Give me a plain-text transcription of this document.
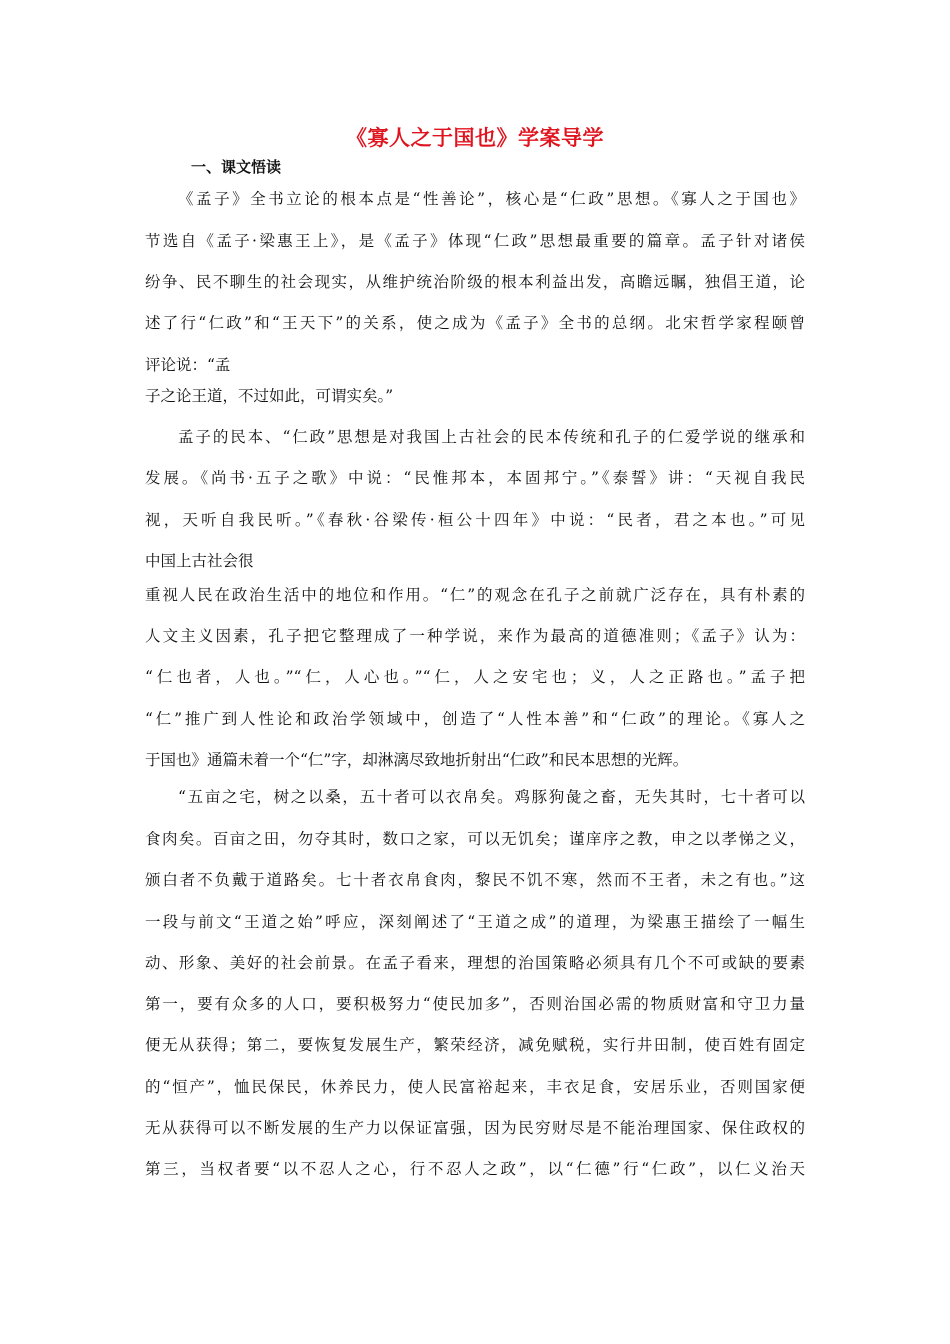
《寡人之于国也》学案导学
一、课文悟读
《孟子》全书立论的根本点是“性善论”，核心是“仁政”思想。《寡人之于国也》
节选自《孟子·梁惠王上》，是《孟子》体现“仁政”思想最重要的篇章。孟子针对诸侯
纷争、民不聊生的社会现实，从维护统治阶级的根本利益出发，高瞻远瞩，独倡王道，论
述了行“仁政”和“王天下”的关系，使之成为《孟子》全书的总纲。北宋哲学家程颐曾
评论说：“孟
子之论王道，不过如此，可谓实矣。”
孟子的民本、“仁政”思想是对我国上古社会的民本传统和孔子的仁爱学说的继承和
发展。《尚书·五子之歌》中说：“民惟邦本，本固邦宁。”《泰誓》讲：“天视自我民
视，天听自我民听。”《春秋·谷梁传·桓公十四年》中说：“民者，君之本也。”可见
中国上古社会很
重视人民在政治生活中的地位和作用。“仁”的观念在孔子之前就广泛存在，具有朴素的
人文主义因素，孔子把它整理成了一种学说，来作为最高的道德准则；《孟子》认为：
“仁也者，人也。”“仁，人心也。”“仁，人之安宅也；义，人之正路也。”孟子把
“仁”推广到人性论和政治学领域中，创造了“人性本善”和“仁政”的理论。《寡人之
于国也》通篇未着一个“仁”字，却淋漓尽致地折射出“仁政”和民本思想的光辉。
“五亩之宅，树之以桑，五十者可以衣帛矣。鸡豚狗彘之畜，无失其时，七十者可以
食肉矣。百亩之田，勿夺其时，数口之家，可以无饥矣；谨庠序之教，申之以孝悌之义，
颁白者不负戴于道路矣。七十者衣帛食肉，黎民不饥不寒，然而不王者，未之有也。”这
一段与前文“王道之始”呼应，深刻阐述了“王道之成”的道理，为梁惠王描绘了一幅生
动、形象、美好的社会前景。在孟子看来，理想的治国策略必须具有几个不可或缺的要素
第一，要有众多的人口，要积极努力“使民加多”，否则治国必需的物质财富和守卫力量
便无从获得；第二，要恢复发展生产，繁荣经济，减免赋税，实行井田制，使百姓有固定
的“恒产”，恤民保民，休养民力，使人民富裕起来，丰衣足食，安居乐业，否则国家便
无从获得可以不断发展的生产力以保证富强，因为民穷财尽是不能治理国家、保住政权的
第三，当权者要“以不忍人之心，行不忍人之政”，以“仁德”行“仁政”，以仁义治天
